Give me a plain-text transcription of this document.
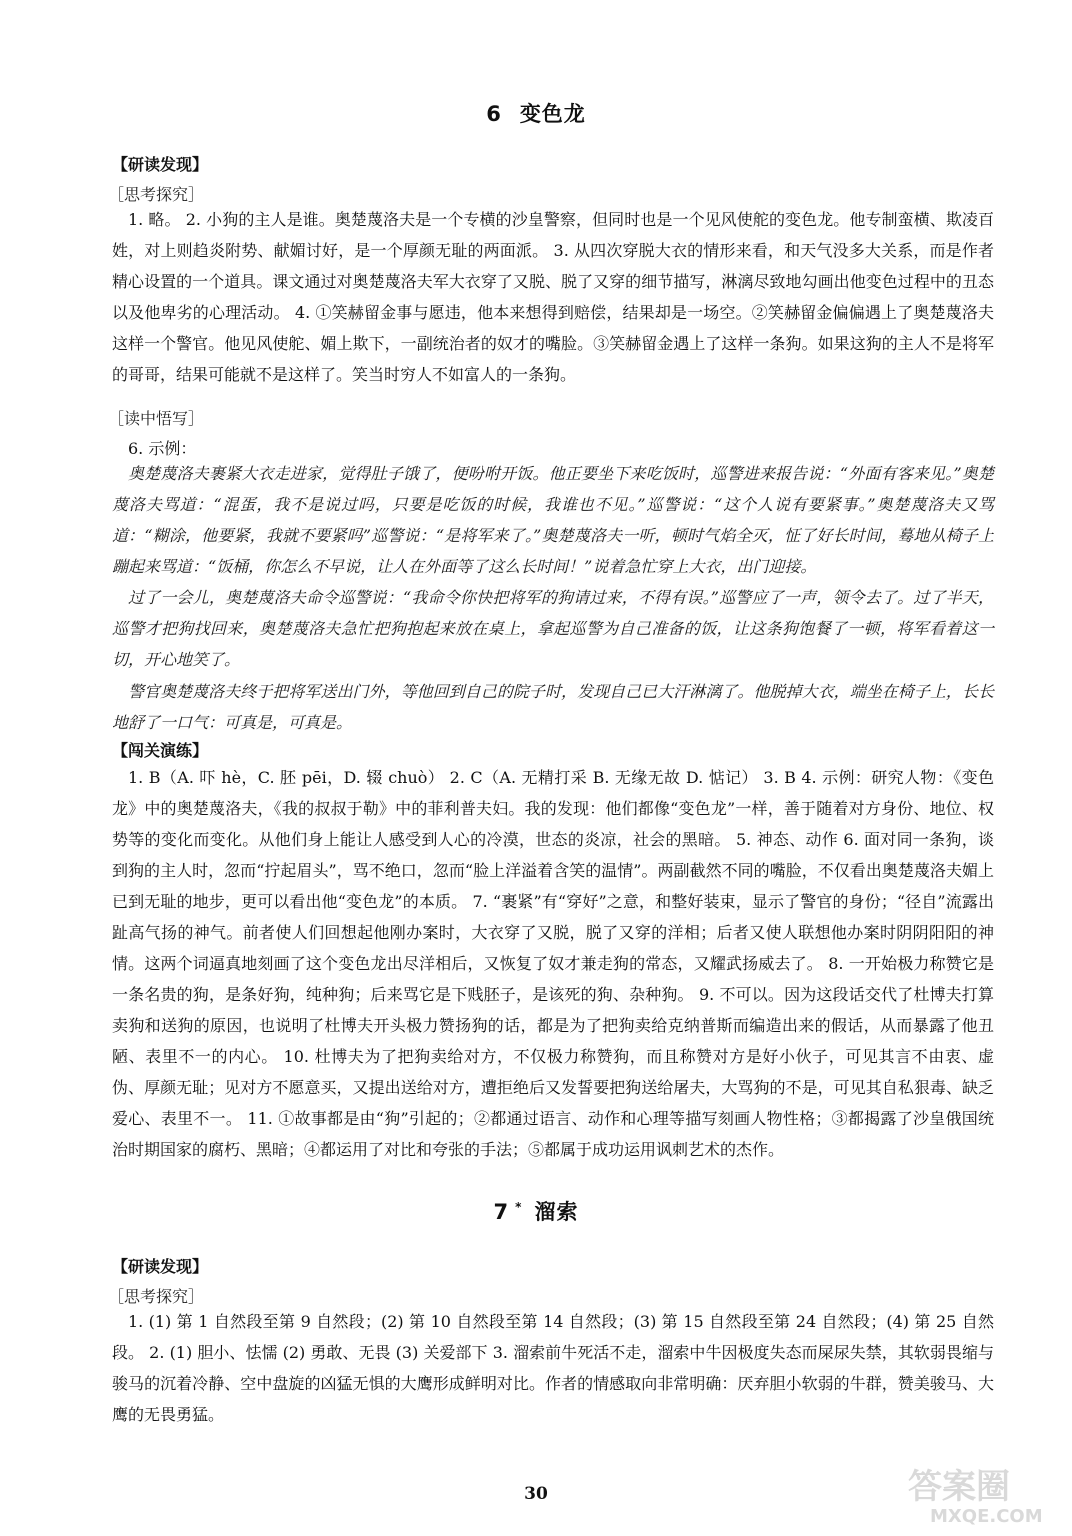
6 变色龙
【研读发现】
［思考探究］
1. 略。 2. 小狗的主人是谁。奥楚蔑洛夫是一个专横的沙皇警察，但同时也是一个见风使舵的变色龙。他专制蛮横、欺凌百姓，对上则趋炎附势、献媚讨好，是一个厚颜无耻的两面派。 3. 从四次穿脱大衣的情形来看，和天气没多大关系，而是作者精心设置的一个道具。课文通过对奥楚蔑洛夫军大衣穿了又脱、脱了又穿的细节描写，淋漓尽致地勾画出他变色过程中的丑态以及他卑劣的心理活动。 4. ①笑赫留金事与愿违，他本来想得到赔偿，结果却是一场空。②笑赫留金偏偏遇上了奥楚蔑洛夫这样一个警官。他见风使舵、媚上欺下，一副统治者的奴才的嘴脸。③笑赫留金遇上了这样一条狗。如果这狗的主人不是将军的哥哥，结果可能就不是这样了。笑当时穷人不如富人的一条狗。
［读中悟写］
6. 示例：
奥楚蔑洛夫裹紧大衣走进家，觉得肚子饿了，便吩咐开饭。他正要坐下来吃饭时，巡警进来报告说：“外面有客来见。”奥楚蔑洛夫骂道：“混蛋，我不是说过吗，只要是吃饭的时候，我谁也不见。”巡警说：“这个人说有要紧事。”奥楚蔑洛夫又骂道：“糊涂，他要紧，我就不要紧吗”巡警说：“是将军来了。”奥楚蔑洛夫一听，顿时气焰全灭，怔了好长时间，蓦地从椅子上蹦起来骂道：“饭桶，你怎么不早说，让人在外面等了这么长时间！”说着急忙穿上大衣，出门迎接。
过了一会儿，奥楚蔑洛夫命令巡警说：“我命令你快把将军的狗请过来，不得有误。”巡警应了一声，领令去了。过了半天，巡警才把狗找回来，奥楚蔑洛夫急忙把狗抱起来放在桌上，拿起巡警为自己准备的饭，让这条狗饱餐了一顿，将军看着这一切，开心地笑了。
警官奥楚蔑洛夫终于把将军送出门外，等他回到自己的院子时，发现自己已大汗淋漓了。他脱掉大衣，端坐在椅子上，长长地舒了一口气：可真是，可真是。
【闯关演练】
1. B（A. 吓 hè，C. 胚 pēi，D. 辍 chuò） 2. C（A. 无精打采 B. 无缘无故 D. 惦记） 3. B 4. 示例：研究人物：《变色龙》中的奥楚蔑洛夫，《我的叔叔于勒》中的菲利普夫妇。我的发现：他们都像“变色龙”一样，善于随着对方身份、地位、权势等的变化而变化。从他们身上能让人感受到人心的冷漠，世态的炎凉，社会的黑暗。 5. 神态、动作 6. 面对同一条狗，谈到狗的主人时，忽而“拧起眉头”，骂不绝口，忽而“脸上洋溢着含笑的温情”。两副截然不同的嘴脸，不仅看出奥楚蔑洛夫媚上已到无耻的地步，更可以看出他“变色龙”的本质。 7. “裹紧”有“穿好”之意，和整好装束，显示了警官的身份；“径自”流露出趾高气扬的神气。前者使人们回想起他刚办案时，大衣穿了又脱，脱了又穿的洋相；后者又使人联想他办案时阴阴阳阳的神情。这两个词逼真地刻画了这个变色龙出尽洋相后，又恢复了奴才兼走狗的常态，又耀武扬威去了。 8. 一开始极力称赞它是一条名贵的狗，是条好狗，纯种狗；后来骂它是下贱胚子，是该死的狗、杂种狗。 9. 不可以。因为这段话交代了杜博夫打算卖狗和送狗的原因，也说明了杜博夫开头极力赞扬狗的话，都是为了把狗卖给克纳普斯而编造出来的假话，从而暴露了他丑陋、表里不一的内心。 10. 杜博夫为了把狗卖给对方，不仅极力称赞狗，而且称赞对方是好小伙子，可见其言不由衷、虚伪、厚颜无耻；见对方不愿意买，又提出送给对方，遭拒绝后又发誓要把狗送给屠夫，大骂狗的不是，可见其自私狠毒、缺乏爱心、表里不一。 11. ①故事都是由“狗”引起的；②都通过语言、动作和心理等描写刻画人物性格；③都揭露了沙皇俄国统治时期国家的腐朽、黑暗；④都运用了对比和夸张的手法；⑤都属于成功运用讽刺艺术的杰作。
7 * 溜索
【研读发现】
［思考探究］
1. (1) 第 1 自然段至第 9 自然段；(2) 第 10 自然段至第 14 自然段；(3) 第 15 自然段至第 24 自然段；(4) 第 25 自然段。 2. (1) 胆小、怯懦 (2) 勇敢、无畏 (3) 关爱部下 3. 溜索前牛死活不走，溜索中牛因极度失态而屎尿失禁，其软弱畏缩与骏马的沉着冷静、空中盘旋的凶猛无惧的大鹰形成鲜明对比。作者的情感取向非常明确：厌弃胆小软弱的牛群，赞美骏马、大鹰的无畏勇猛。
30	答案圈
MXQE.COM
